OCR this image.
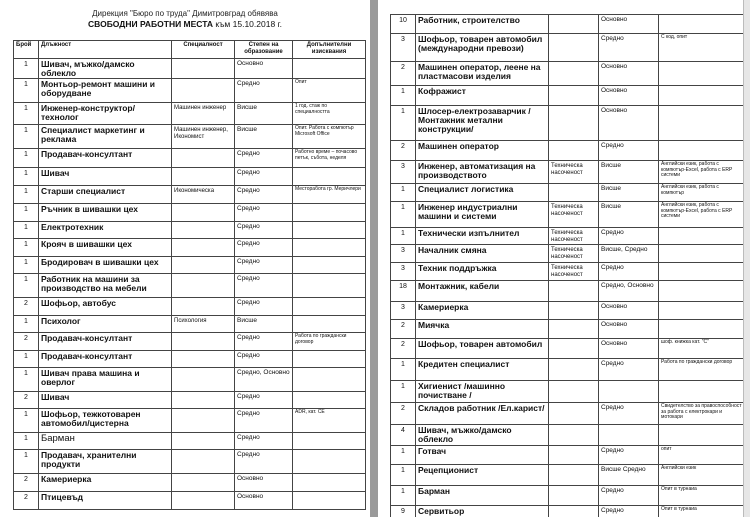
Дирекция "Бюро по труда" Димитровград обявява
СВОБОДНИ РАБОТНИ МЕСТА към 15.10.2018 г.
Брой	Длъжност	Специалност	Степен на образование	Допълнителни изисквания
1	Шивач, мъжко/дамско облекло		Основно	
1	Монтьор-ремонт машини и оборудване		Средно	Опит
1	Инженер-конструктор/технолог	Машинен инженер	Висше	1 год. стаж по специалността
1	Специалист маркетинг и реклама	Машинен инженер, Икономист	Висше	Опит. Работа с компютър Microsoft Office
1	Продавач-консултант		Средно	Работно време – почасово петък, събота, неделя
1	Шивач		Средно	
1	Старши специалист	Икономическа	Средно	Месторабота гр. Меричлери
1	Ръчник в шивашки цех		Средно	
1	Електротехник		Средно	
1	Крояч в шивашки цех		Средно	
1	Бродировач в шивашки цех		Средно	
1	Работник на машини за производство на мебели		Средно	
2	Шофьор, автобус		Средно	
1	Психолог	Психология	Висше	
2	Продавач-консултант		Средно	Работа по граждански договор
1	Продавач-консултант		Средно	
1	Шивач права машина и оверлог		Средно, Основно	
2	Шивач		Средно	
1	Шофьор, тежкотоварен автомобил/цистерна		Средно	ADR, кат. CE
1	Барман		Средно	
1	Продавач, хранителни продукти		Средно	
2	Камериерка		Основно	
2	Птицевъд		Основно	
10	Работник, строителство		Основно	
3	Шофьор, товарен автомобил (международни превози)		Средно	С код, опит
2	Машинен оператор, леене на пластмасови изделия		Основно	
1	Кофражист		Основно	
1	Шлосер-електрозаварчик /Монтажник метални конструкции/		Основно	
2	Машинен оператор		Средно	
3	Инженер, автоматизация на производството	Техническа насоченост	Висше	Английски език, работа с компютър-Excel, работа с ERP системи
1	Специалист логистика		Висше	Английски език, работа с компютър
1	Инженер индустриални машини и системи	Техническа насоченост	Висше	Английски език, работа с компютър-Excel, работа с ERP системи
1	Технически изпълнител	Техническа насоченост	Средно	
3	Началник смяна	Техническа насоченост	Висше, Средно	
3	Техник поддръжка	Техническа насоченост	Средно	
18	Монтажник, кабели		Средно, Основно	
3	Камериерка		Основно	
2	Миячка		Основно	
2	Шофьор, товарен автомобил		Основно	шоф. книжка кат. "С"
1	Кредитен специалист		Средно	Работа по граждански договор
1	Хигиенист /машинно почистване /			
2	Складов работник /Ел.карист/		Средно	Свидетелство за правоспособност за работа с електрокари и мотокари
4	Шивач, мъжко/дамско облекло			
1	Готвач		Средно	опит
1	Рецепционист		Висше Средно	Английски език
1	Барман		Средно	Опит в турнаиа
9	Сервитьор		Средно	Опит в турнаиа
